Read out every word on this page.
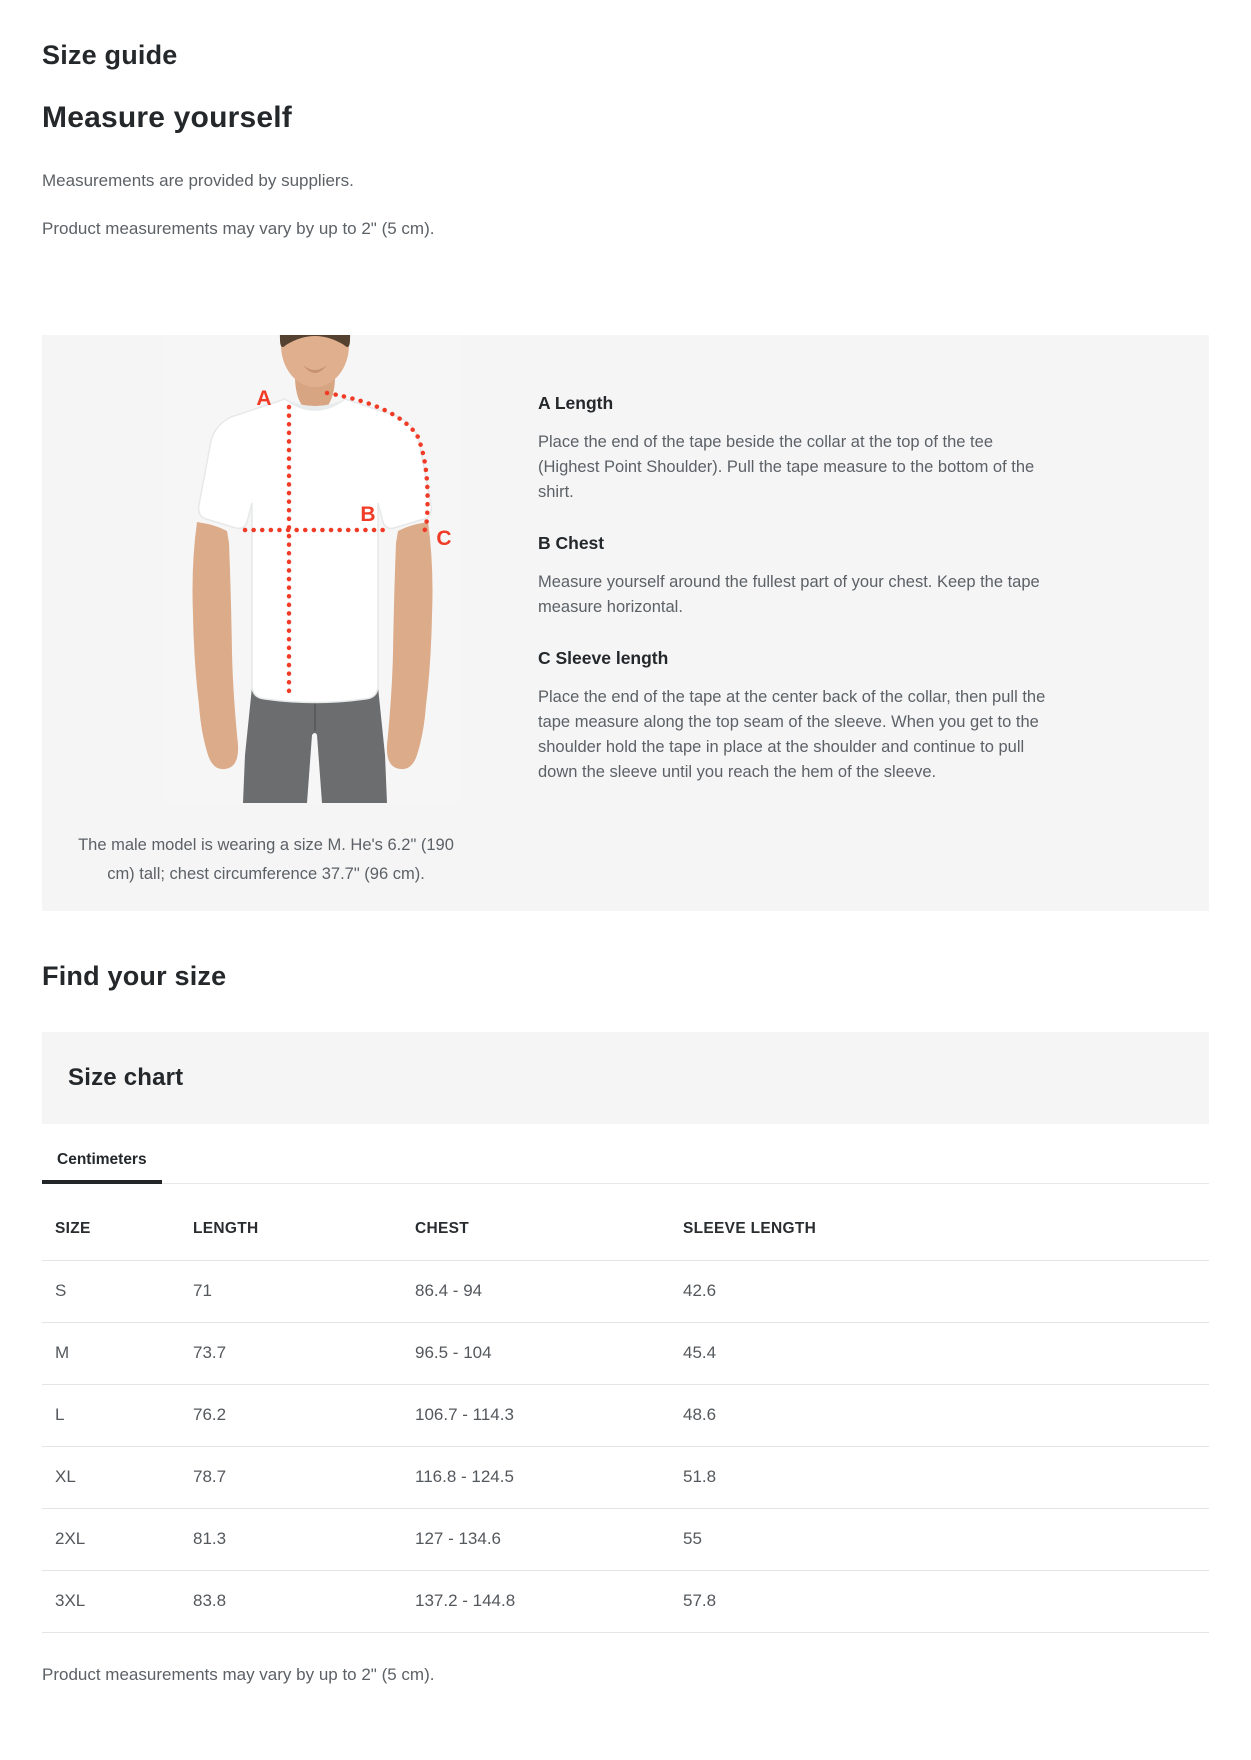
Size guide
Measure yourself

Measurements are provided by suppliers.

Product measurements may vary by up to 2" (5 cm).

A
B
C

The male model is wearing a size M. He's 6.2" (190 cm) tall; chest circumference 37.7" (96 cm).

A Length

Place the end of the tape beside the collar at the top of the tee (Highest Point Shoulder). Pull the tape measure to the bottom of the shirt.

B Chest

Measure yourself around the fullest part of your chest. Keep the tape measure horizontal.

C Sleeve length

Place the end of the tape at the center back of the collar, then pull the tape measure along the top seam of the sleeve. When you get to the shoulder hold the tape in place at the shoulder and continue to pull down the sleeve until you reach the hem of the sleeve.

Find your size
Size chart
Centimeters
SIZE	LENGTH	CHEST	SLEEVE LENGTH
S	71	86.4 - 94	42.6
M	73.7	96.5 - 104	45.4
L	76.2	106.7 - 114.3	48.6
XL	78.7	116.8 - 124.5	51.8
2XL	81.3	127 - 134.6	55
3XL	83.8	137.2 - 144.8	57.8

Product measurements may vary by up to 2" (5 cm).
